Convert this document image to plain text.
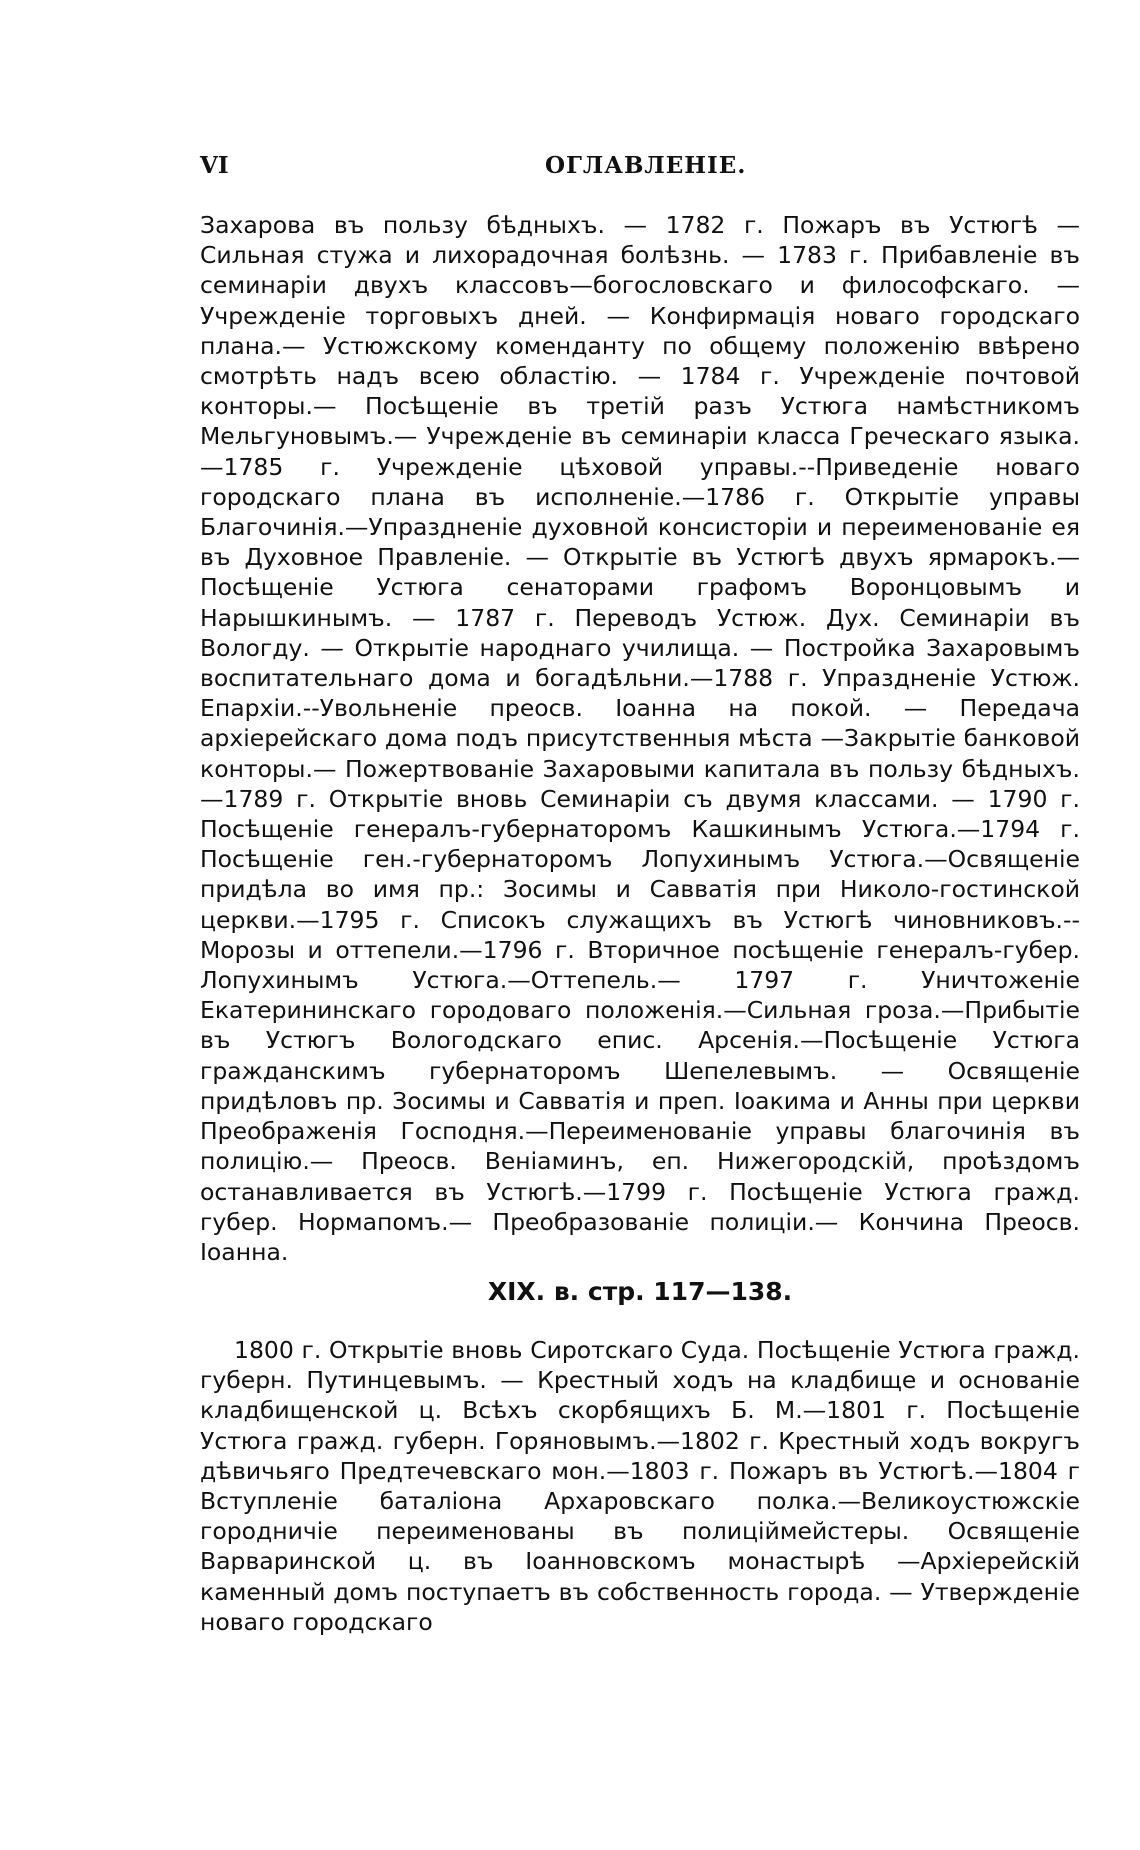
VI	ОГЛАВЛЕНІЕ.

Захарова въ пользу бѣдныхъ. — 1782 г. Пожаръ въ Устюгѣ — Сильная стужа и лихорадочная болѣзнь. — 1783 г. Прибавленіе въ семинаріи двухъ классовъ—богословскаго и философскаго. — Учрежденіе торговыхъ дней. — Конфирмація новаго городскаго плана.— Устюжскому коменданту по общему положенію ввѣрено смотрѣть надъ всею областію. — 1784 г. Учрежденіе почтовой конторы.— Посѣщеніе въ третій разъ Устюга намѣстникомъ Мельгуновымъ.— Учрежденіе въ семинаріи класса Греческаго языка.—1785 г. Учрежденіе цѣховой управы.--Приведеніе новаго городскаго плана въ исполненіе.—1786 г. Открытіе управы Благочинія.—Упраздненіе духовной консисторіи и переименованіе ея въ Духовное Правленіе. — Открытіе въ Устюгѣ двухъ ярмарокъ.—Посѣщеніе Устюга сенаторами графомъ Воронцовымъ и Нарышкинымъ. — 1787 г. Переводъ Устюж. Дух. Семинаріи въ Вологду. — Открытіе народнаго училища. — Постройка Захаровымъ воспитательнаго дома и богадѣльни.—1788 г. Упраздненіе Устюж. Епархіи.--Увольненіе преосв. Іоанна на покой. — Передача архіерейскаго дома подъ присутственныя мѣста —Закрытіе банковой конторы.— Пожертвованіе Захаровыми капитала въ пользу бѣдныхъ.—1789 г. Открытіе вновь Семинаріи съ двумя классами. — 1790 г. Посѣщеніе генералъ-губернаторомъ Кашкинымъ Устюга.—1794 г. Посѣщеніе ген.-губернаторомъ Лопухинымъ Устюга.—Освященіе придѣла во имя пр.: Зосимы и Савватія при Николо-гостинской церкви.—1795 г. Списокъ служащихъ въ Устюгѣ чиновниковъ.--Морозы и оттепели.—1796 г. Вторичное посѣщеніе генералъ-губер. Лопухинымъ Устюга.—Оттепель.— 1797 г. Уничтоженіе Екатерининскаго городоваго положенія.—Сильная гроза.—Прибытіе въ Устюгъ Вологодскаго епис. Арсенія.—Посѣщеніе Устюга гражданскимъ губернаторомъ Шепелевымъ. — Освященіе придѣловъ пр. Зосимы и Савватія и преп. Іоакима и Анны при церкви Преображенія Господня.—Переименованіе управы благочинія въ полицію.— Преосв. Веніаминъ, еп. Нижегородскій, проѣздомъ останавливается въ Устюгѣ.—1799 г. Посѣщеніе Устюга гражд. губер. Нормапомъ.— Преобразованіе полиціи.— Кончина Преосв. Іоанна.

XIX. в. стр. 117—138.

1800 г. Открытіе вновь Сиротскаго Суда. Посѣщеніе Устюга гражд. губерн. Путинцевымъ. — Крестный ходъ на кладбище и основаніе кладбищенской ц. Всѣхъ скорбящихъ Б. М.—1801 г. Посѣщеніе Устюга гражд. губерн. Горяновымъ.—1802 г. Крестный ходъ вокругъ дѣвичьяго Предтечевскаго мон.—1803 г. Пожаръ въ Устюгѣ.—1804 г Вступленіе баталіона Архаровскаго полка.—Великоустюжскіе городничіе переименованы въ полиціймейстеры. Освященіе Варваринской ц. въ Іоанновскомъ монастырѣ —Архіерейскій каменный домъ поступаетъ въ собственность города. — Утвержденіе новаго городскаго
